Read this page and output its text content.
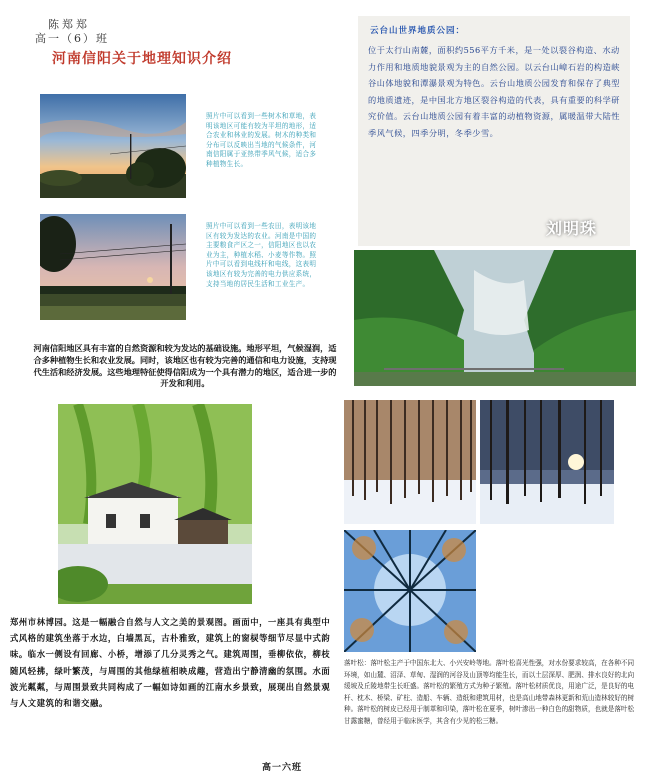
陈郑郑
高一（6）班
河南信阳关于地理知识介绍
照片中可以看到一些树木和草地，表明该地区可能有较为平坦的地形，适合农业和林业的发展。树木的种类和分布可以反映出当地的气候条件，河南信阳属于亚热带季风气候，适合多种植物生长。
照片中可以看到一些农田，表明该地区有较为发达的农业。河南是中国的主要粮食产区之一，信阳地区也以农业为主，种植水稻、小麦等作物。照片中可以看到电线杆和电线，这表明该地区有较为完善的电力供应系统，支持当地的居民生活和工业生产。
河南信阳地区具有丰富的自然资源和较为发达的基础设施。地形平坦，气候湿润，适合多种植物生长和农业发展。同时，该地区也有较为完善的通信和电力设施，支持现代生活和经济发展。这些地理特征使得信阳成为一个具有潜力的地区，适合进一步的开发和利用。
云台山世界地质公园：
位于太行山南麓，面积约556平方千米，是一处以裂谷构造、水动力作用和地质地貌景观为主的自然公园。以云台山嶂石岩的构造峡谷山体地貌和潭瀑景观为特色。云台山地质公园发育和保存了典型的地质遗迹，是中国北方地区裂谷构造的代表，具有重要的科学研究价值。云台山地质公园有着丰富的动植物资源，属暖温带大陆性季风气候，四季分明，冬季少雪。
刘明珠
郑州市林博园。这是一幅融合自然与人文之美的景观图。画面中，一座具有典型中式风格的建筑坐落于水边，白墙黑瓦，古朴雅致，建筑上的窗棂等细节尽显中式韵味。临水一侧设有回廊、小桥，增添了几分灵秀之气。建筑周围，垂柳依依，柳枝随风轻拂，绿叶繁茂，与周围的其他绿植相映成趣，营造出宁静清幽的氛围。水面波光粼粼，与周围景致共同构成了一幅如诗如画的江南水乡景致，展现出自然景观与人文建筑的和谐交融。
落叶松：落叶松主产于中国东北大、小兴安岭等地。落叶松喜光性强，对水份要求较高，在各种不同环境，如山麓、沼泽、草甸、湿润的河谷及山顶等均能生长，而以土层深厚、肥润、排水良好的北向缓坡及丘陵地带生长旺盛。落叶松的繁殖方式为种子繁殖。落叶松材质优良，用途广泛，是良好的电杆、枕木、桥梁、矿柱、造船、车辆、造纸和建筑用材，也是高山地带森林更新和荒山造林较好的树种。落叶松的树皮已经用于制革和印染，落叶松在夏季，树叶渗出一种白色的甜物质，也就是落叶松甘露蜜糖，曾经用于临床医学，其含有少见的松三糖。
高一六班
